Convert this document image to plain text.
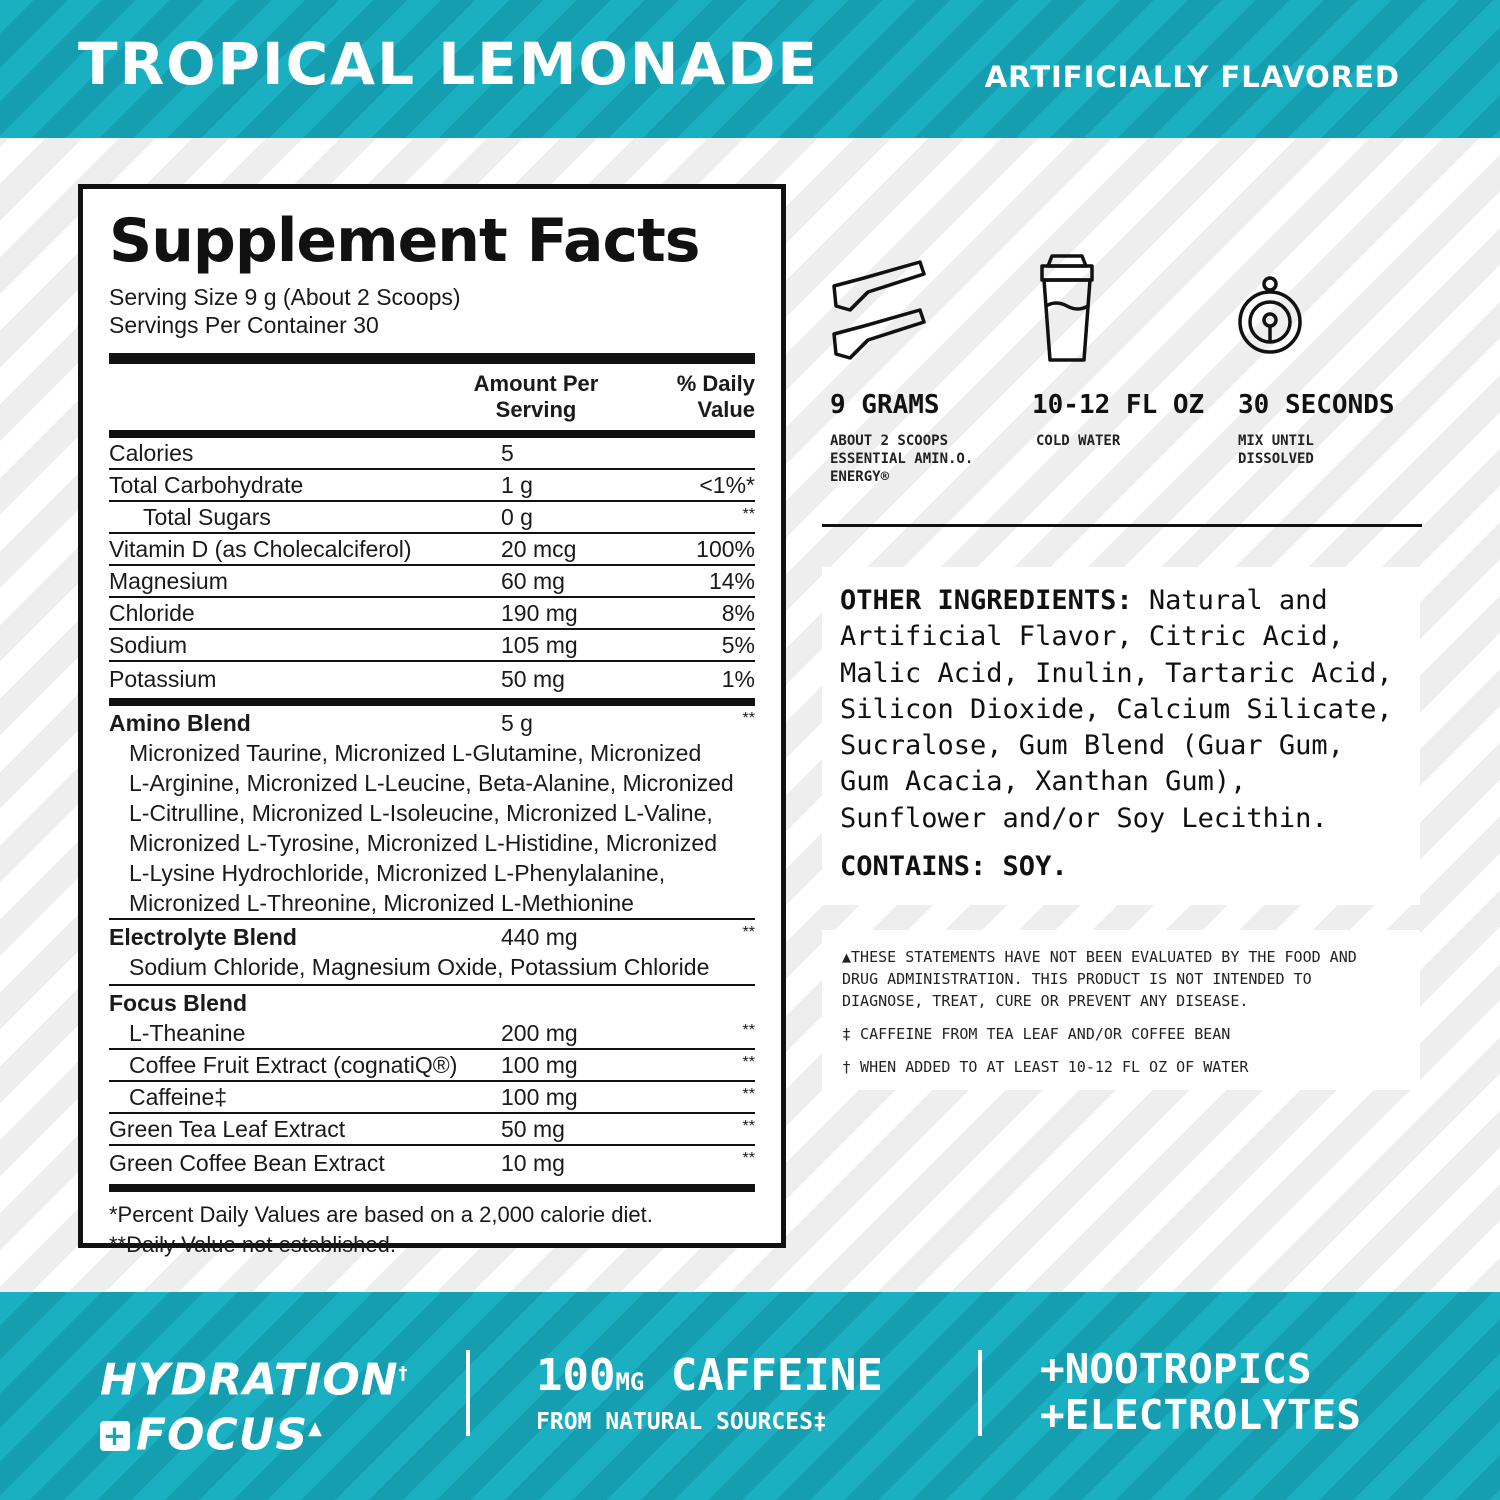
TROPICAL LEMONADE	ARTIFICIALLY FLAVORED
Supplement Facts
Serving Size 9 g (About 2 Scoops)
Servings Per Container 30
Amount Per
Serving
% Daily
Value
Calories	5
Total Carbohydrate	1 g	<1%*
Total Sugars	0 g	**
Vitamin D (as Cholecalciferol)	20 mcg	100%
Magnesium	60 mg	14%
Chloride	190 mg	8%
Sodium	105 mg	5%
Potassium	50 mg	1%
Amino Blend	5 g	**
Micronized Taurine, Micronized L-Glutamine, Micronized
L-Arginine, Micronized L-Leucine, Beta-Alanine, Micronized
L-Citrulline, Micronized L-Isoleucine, Micronized L-Valine,
Micronized L-Tyrosine, Micronized L-Histidine, Micronized
L-Lysine Hydrochloride, Micronized L-Phenylalanine,
Micronized L-Threonine, Micronized L-Methionine
Electrolyte Blend	440 mg	**
Sodium Chloride, Magnesium Oxide, Potassium Chloride
Focus Blend
L-Theanine	200 mg	**
Coffee Fruit Extract (cognatiQ®)	100 mg	**
Caffeine‡	100 mg	**
Green Tea Leaf Extract	50 mg	**
Green Coffee Bean Extract	10 mg	**
*Percent Daily Values are based on a 2,000 calorie diet.
**Daily Value not established.
9 GRAMS
ABOUT 2 SCOOPS
ESSENTIAL AMIN.O.
ENERGY®
10-12 FL OZ
COLD WATER
30 SECONDS
MIX UNTIL
DISSOLVED
OTHER INGREDIENTS: Natural and Artificial Flavor, Citric Acid, Malic Acid, Inulin, Tartaric Acid, Silicon Dioxide, Calcium Silicate, Sucralose, Gum Blend (Guar Gum, Gum Acacia, Xanthan Gum), Sunflower and/or Soy Lecithin.
CONTAINS: SOY.

▲THESE STATEMENTS HAVE NOT BEEN EVALUATED BY THE FOOD AND DRUG ADMINISTRATION. THIS PRODUCT IS NOT INTENDED TO DIAGNOSE, TREAT, CURE OR PREVENT ANY DISEASE.

‡ CAFFEINE FROM TEA LEAF AND/OR COFFEE BEAN

† WHEN ADDED TO AT LEAST 10-12 FL OZ OF WATER

HYDRATION†
+ FOCUS▲
100MG CAFFEINE
FROM NATURAL SOURCES‡
+NOOTROPICS
+ELECTROLYTES
